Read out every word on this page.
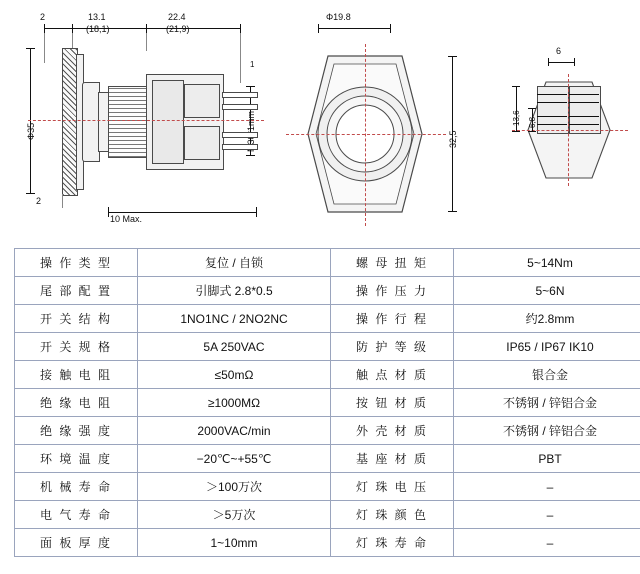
2	13.1
(18,1)
22.4
(21,9)
Φ35
1
2
10 Max.
Φ19.8
32,5
6
13,6 6,8
操 作 类 型	复位 / 自锁	螺 母 扭 矩	5~14Nm
尾 部 配 置	引脚式 2.8*0.5	操 作 压 力	5~6N
开 关 结 构	1NO1NC / 2NO2NC	操 作 行 程	约2.8mm
开 关 规 格	5A 250VAC	防 护 等 级	IP65 / IP67 IK10
接 触 电 阻	≤50mΩ	触 点 材 质	银合金
绝 缘 电 阻	≥1000MΩ	按 钮 材 质	不锈钢 / 锌铝合金
绝 缘 强 度	2000VAC/min	外 壳 材 质	不锈钢 / 锌铝合金
环 境 温 度	−20℃~+55℃	基 座 材 质	PBT
机 械 寿 命	＞100万次	灯 珠 电 压	–
电 气 寿 命	＞5万次	灯 珠 颜 色	–
面 板 厚 度	1~10mm	灯 珠 寿 命	–
